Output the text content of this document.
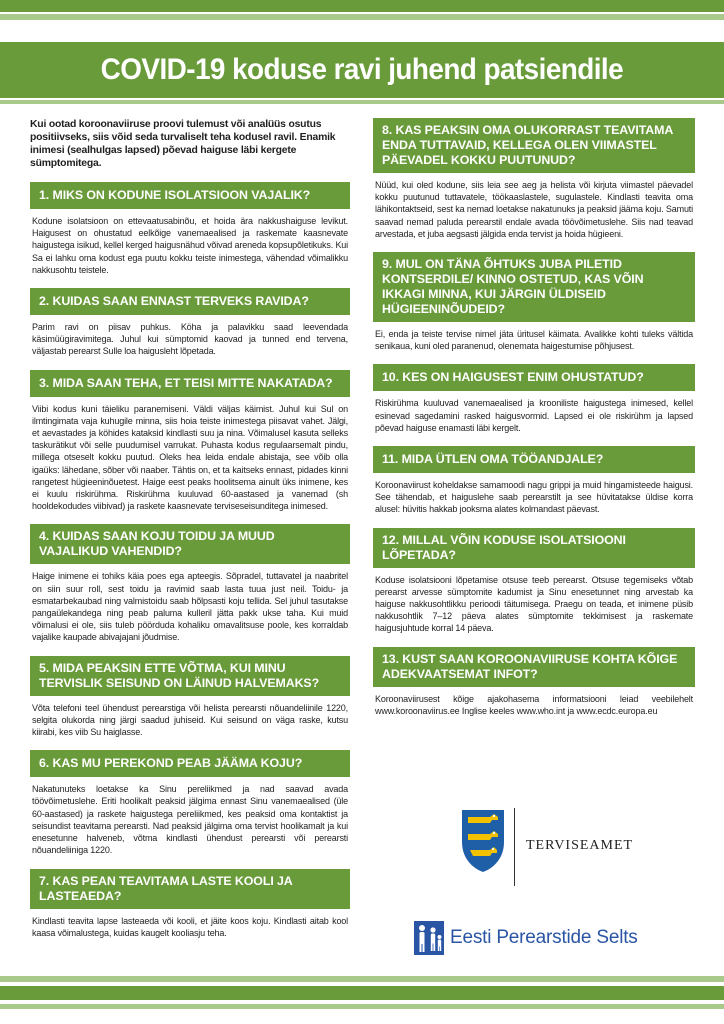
COVID-19 koduse ravi juhend patsiendile

Kui ootad koroonaviiruse proovi tulemust või analüüs osutus positiivseks, siis võid seda turvaliselt teha kodusel ravil. Enamik inimesi (sealhulgas lapsed) põevad haiguse läbi kergete sümptomitega.

1. MIKS ON KODUNE ISOLATSIOON VAJALIK?

Kodune isolatsioon on ettevaatusabinõu, et hoida ära nakkushaiguse levikut. Haigusest on ohustatud eelkõige vanemaealised ja raskemate kaasnevate haigustega isikud, kellel kerged haigusnähud võivad areneda kopsupõletikuks. Kui Sa ei lahku oma kodust ega puutu kokku teiste inimestega, vähendad võimalikku nakkusohtu teistele.

2. KUIDAS SAAN ENNAST TERVEKS RAVIDA?

Parim ravi on piisav puhkus. Köha ja palavikku saad leevendada käsimüügiravimitega. Juhul kui sümptomid kaovad ja tunned end tervena, väljastab perearst Sulle loa haigusleht lõpetada.

3. MIDA SAAN TEHA, ET TEISI MITTE NAKATADA?

Viibi kodus kuni täieliku paranemiseni. Väldi väljas käimist. Juhul kui Sul on ilmtingimata vaja kuhugile minna, siis hoia teiste inimestega piisavat vahet. Jälgi, et aevastades ja köhides kataksid kindlasti suu ja nina. Võimalusel kasuta selleks taskurätikut või selle puudumisel varrukat. Puhasta kodus regulaarsemalt pindu, millega otseselt kokku puutud. Oleks hea leida endale abistaja, see võib olla igaüks: lähedane, sõber või naaber. Tähtis on, et ta kaitseks ennast, pidades kinni rangetest hügieeninõuetest. Haige eest peaks hoolitsema ainult üks inimene, kes ei kuulu riskirühma. Riskirühma kuuluvad 60-aastased ja vanemad (sh hooldekodudes viibivad) ja raskete kaasnevate terviseseisunditega inimesed.

4. KUIDAS SAAN KOJU TOIDU JA MUUD VAJALIKUD VAHENDID?

Haige inimene ei tohiks käia poes ega apteegis. Sõpradel, tuttavatel ja naabritel on siin suur roll, sest toidu ja ravimid saab lasta tuua just neil. Toidu- ja esmatarbekaubad ning valmistoidu saab hõlpsasti koju tellida. Sel juhul tasutakse pangaülekandega ning peab paluma kulleril jätta pakk ukse taha. Kui muid võimalusi ei ole, siis tuleb pöörduda kohaliku omavalitsuse poole, kes korraldab vajalike kaupade abivajajani jõudmise.

5. MIDA PEAKSIN ETTE VÕTMA, KUI MINU TERVISLIK SEISUND ON LÄINUD HALVEMAKS?

Võta telefoni teel ühendust perearstiga või helista perearsti nõuandeliinile 1220, selgita olukorda ning järgi saadud juhiseid. Kui seisund on väga raske, kutsu kiirabi, kes viib Su haiglasse.

6. KAS MU PEREKOND PEAB JÄÄMA KOJU?

Nakatunuteks loetakse ka Sinu pereliikmed ja nad saavad avada töövõimetuslehe. Eriti hoolikalt peaksid jälgima ennast Sinu vanemaealised (üle 60-aastased) ja raskete haigustega pereliikmed, kes peaksid oma kontaktist ja seisundist teavitama perearsti. Nad peaksid jälgima oma tervist hoolikamalt ja kui enesetunne halveneb, võtma kindlasti ühendust perearsti või perearsti nõuandeliiniga 1220.

7. KAS PEAN TEAVITAMA LASTE KOOLI JA LASTEAEDA?

Kindlasti teavita lapse lasteaeda või kooli, et jäite koos koju. Kindlasti aitab kool kaasa võimalustega, kuidas kaugelt kooliasju teha.

8. KAS PEAKSIN OMA OLUKORRAST TEAVITAMA ENDA TUTTAVAID, KELLEGA OLEN VIIMASTEL PÄEVADEL KOKKU PUUTUNUD?

Nüüd, kui oled kodune, siis leia see aeg ja helista või kirjuta viimastel päevadel kokku puutunud tuttavatele, töökaaslastele, sugulastele. Kindlasti teavita oma lähikontaktseid, sest ka nemad loetakse nakatunuks ja peaksid jääma koju. Samuti saavad nemad paluda perearstil endale avada töövõimetuslehe. Siis nad teavad arvestada, et juba aegsasti jälgida enda tervist ja hoida hügieeni.

9. MUL ON TÄNA ÕHTUKS JUBA PILETID KONTSERDILE/ KINNO OSTETUD, KAS VÕIN IKKAGI MINNA, KUI JÄRGIN ÜLDISEID HÜGIEENINÕUDEID?

Ei, enda ja teiste tervise nimel jäta üritusel käimata. Avalikke kohti tuleks vältida senikaua, kuni oled paranenud, olenemata haigestumise põhjusest.

10. KES ON HAIGUSEST ENIM OHUSTATUD?

Riskirühma kuuluvad vanemaealised ja krooniliste haigustega inimesed, kellel esinevad sagedamini rasked haigusvormid. Lapsed ei ole riskirühm ja lapsed põevad haiguse enamasti läbi kergelt.

11. MIDA ÜTLEN OMA TÖÖANDJALE?

Koroonaviirust koheldakse samamoodi nagu grippi ja muid hingamisteede haigusi. See tähendab, et haiguslehe saab perearstilt ja see hüvitatakse üldise korra alusel: hüvitis hakkab jooksma alates kolmandast päevast.

12. MILLAL VÕIN KODUSE ISOLATSIOONI LÕPETADA?

Koduse isolatsiooni lõpetamise otsuse teeb perearst. Otsuse tegemiseks võtab perearst arvesse sümptomite kadumist ja Sinu enesetunnet ning arvestab ka haiguse nakkusohtlikku perioodi täitumisega. Praegu on teada, et inimene püsib nakkusohtlik 7–12 päeva alates sümptomite tekkimisest ja raskemate haigusjuhtude korral 14 päeva.

13. KUST SAAN KOROONAVIIRUSE KOHTA KÕIGE ADEKVAATSEMAT INFOT?

Koroonaviirusest kõige ajakohasema informatsiooni leiad veebilehelt www.koroonaviirus.ee Inglise keeles www.who.int ja www.ecdc.europa.eu

TERVISEAMET
Eesti Perearstide Selts
